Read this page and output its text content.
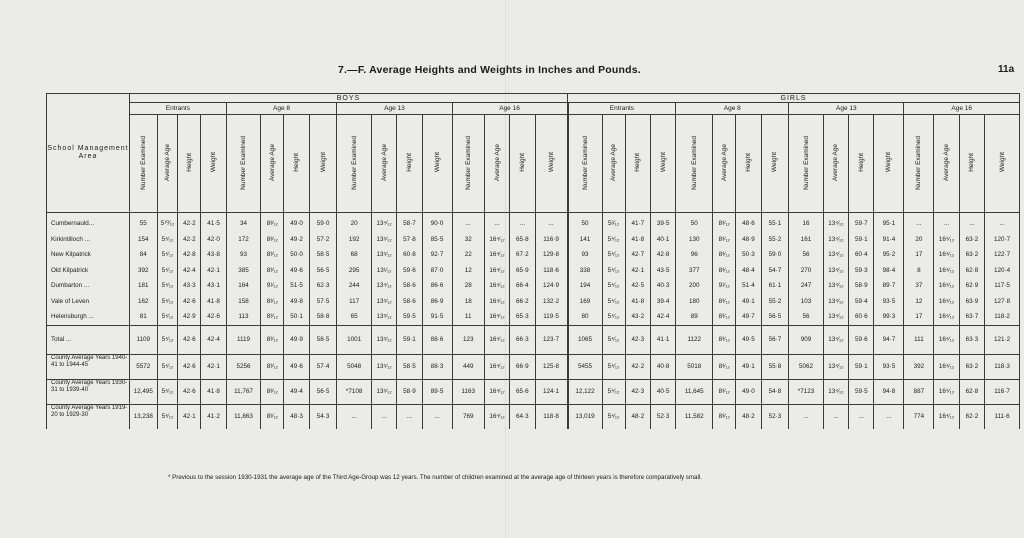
7.—F. Average Heights and Weights in Inches and Pounds.	11a
School Management Area	BOYS																GIRLS															
	Entrants				Age 8				Age 13				Age 16				Entrants				Age 8				Age 13				Age 16			
	Number Examined	Average Age	Height	Weight	Number Examined	Average Age	Height	Weight	Number Examined	Average Age	Height	Weight	Number Examined	Average Age	Height	Weight	Number Examined	Average Age	Height	Weight	Number Examined	Average Age	Height	Weight	Number Examined	Average Age	Height	Weight	Number Examined	Average Age	Height	Weight
Cumbernauld...	55	5¹⁰⁄₁₂	42·2	41·5	34	8³⁄₁₂	49·0	59·0	20	13⁴⁄₁₂	58·7	90·0	...	...	...	...	50	5²⁄₁₂	41·7	39·5	50	8³⁄₁₂	48·6	55·1	16	13⁴⁄₁₂	59·7	95·1	...	...	...	...
Kirkintilloch ...	154	5⁴⁄₁₂	42·2	42·0	172	8³⁄₁₂	49·2	57·2	192	13⁵⁄₁₂	57·8	85·5	32	16⁴⁄₁₂	65·8	116·9	141	5⁴⁄₁₂	41·8	40·1	130	8³⁄₁₂	48·9	55·2	161	13⁴⁄₁₂	59·1	91·4	20	16⁴⁄₁₂	63·2	120·7
New Kilpatrick	84	5⁴⁄₁₂	42·8	43·8	93	8³⁄₁₂	50·0	58·5	68	13⁵⁄₁₂	60·8	92·7	22	16⁴⁄₁₂	67·2	129·8	93	5⁴⁄₁₂	42·7	42·8	96	8³⁄₁₂	50·3	59·0	56	13⁴⁄₁₂	60·4	95·2	17	16⁴⁄₁₂	63·2	122·7
Old Kilpatrick	392	5⁴⁄₁₂	42·4	42·1	385	8³⁄₁₂	49·6	56·5	295	13¹⁄₁₂	59·6	87·0	12	16⁴⁄₁₂	65·9	118·6	338	5⁴⁄₁₂	42·1	43·5	377	8³⁄₁₂	48·4	54·7	270	13⁴⁄₁₂	59·3	98·4	8	16⁴⁄₁₂	62·8	120·4
Dumbarton ...	181	5⁴⁄₁₂	43·3	43·1	164	9¹⁄₁₂	51·5	62·3	244	13⁴⁄₁₂	58·6	86·6	28	16⁴⁄₁₂	66·4	124·9	194	5⁴⁄₁₂	42·5	40·3	200	9¹⁄₁₂	51·4	61·1	247	13⁴⁄₁₂	58·9	89·7	37	16⁴⁄₁₂	62·9	117·5
Vale of Leven	162	5⁴⁄₁₂	42·6	41·8	158	8³⁄₁₂	49·8	57·5	117	13⁵⁄₁₂	58·6	86·9	18	16⁴⁄₁₂	66·2	132·2	169	5⁴⁄₁₂	41·8	39·4	180	8³⁄₁₂	49·1	55·2	103	13⁴⁄₁₂	59·4	93·5	12	16⁴⁄₁₂	63·9	127·8
Helensburgh ...	81	5⁴⁄₁₂	42·9	42·6	113	8³⁄₁₂	50·1	58·8	65	13⁵⁄₁₂	59·5	91·5	11	16⁴⁄₁₂	65·3	119·5	80	5⁴⁄₁₂	43·2	42·4	89	8³⁄₁₂	49·7	56·5	56	13⁴⁄₁₂	60·6	99·3	17	16⁴⁄₁₂	63·7	118·2
Total ...	1109	5⁴⁄₁₂	42·6	42·4	1119	8³⁄₁₂	49·9	58·5	1001	13⁵⁄₁₂	59·1	88·6	123	16⁴⁄₁₂	66·3	123·7	1065	5⁴⁄₁₂	42·3	41·1	1122	8³⁄₁₂	49·5	56·7	909	13⁴⁄₁₂	59·6	94·7	111	16⁴⁄₁₂	63·3	121·2
County Average Years 1940-41 to 1944-45	5572	5⁴⁄₁₂	42·6	42·1	5256	8³⁄₁₂	49·6	57·4	5048	13⁵⁄₁₂	58·5	88·3	449	16⁴⁄₁₂	66·9	125·8	5455	5⁴⁄₁₂	42·2	40·8	5018	8³⁄₁₂	49·1	55·8	5062	13⁴⁄₁₂	59·1	93·5	392	16⁴⁄₁₂	63·2	118·3
County Average Years 1930-31 to 1939-40	12,495	5⁴⁄₁₂	42·6	41·8	11,767	8³⁄₁₂	49·4	56·5	*7108	13⁵⁄₁₂	58·9	89·5	1163	16⁴⁄₁₂	65·6	124·1	12,122	5⁴⁄₁₂	42·3	40·5	11,645	8³⁄₁₂	49·0	54·8	*7123	13⁴⁄₁₂	59·5	94·8	887	16⁴⁄₁₂	62·8	116·7
County Average Years 1919-20 to 1929-30	13,238	5⁴⁄₁₂	42·1	41·2	11,863	8³⁄₁₂	48·3	54·3	...	...	...	...	769	16⁴⁄₁₂	64·3	118·8	13,019	5⁴⁄₁₂	48·2	52·3	11,582	8³⁄₁₂	48·2	52·3	...	...	...	...	774	16⁴⁄₁₂	62·2	111·6
* Previous to the session 1930-1931 the average age of the Third Age-Group was 12 years. The number of children examined at the average age of thirteen years is therefore comparatively small.
